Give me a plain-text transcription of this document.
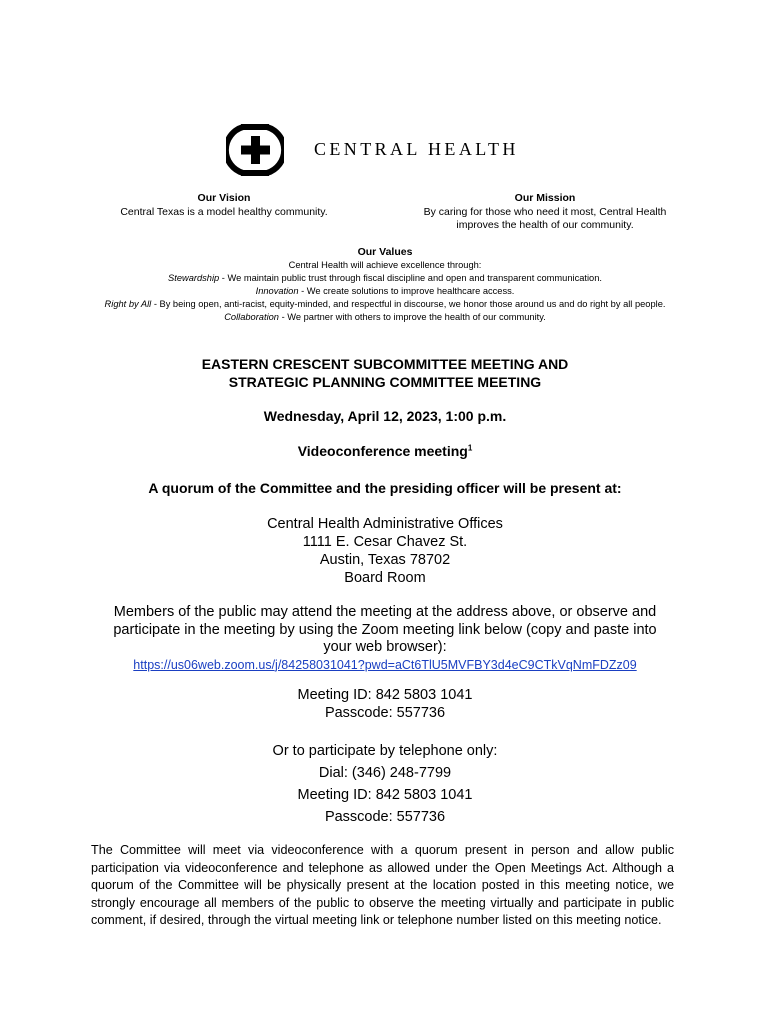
CENTRAL HEALTH
Our Vision
Central Texas is a model healthy community.
Our Mission
By caring for those who need it most, Central Health
improves the health of our community.
Our Values
Central Health will achieve excellence through:
Stewardship - We maintain public trust through fiscal discipline and open and transparent communication.
Innovation - We create solutions to improve healthcare access.
Right by All - By being open, anti-racist, equity-minded, and respectful in discourse, we honor those around us and do right by all people.
Collaboration - We partner with others to improve the health of our community.
EASTERN CRESCENT SUBCOMMITTEE MEETING AND
STRATEGIC PLANNING COMMITTEE MEETING
Wednesday, April 12, 2023, 1:00 p.m.
Videoconference meeting$^1$
A quorum of the Committee and the presiding officer will be present at:
Central Health Administrative Offices
1111 E. Cesar Chavez St.
Austin, Texas 78702
Board Room
Members of the public may attend the meeting at the address above, or observe and
participate in the meeting by using the Zoom meeting link below (copy and paste into
your web browser):
https://us06web.zoom.us/j/84258031041?pwd=aCt6TlU5MVFBY3d4eC9CTkVqNmFDZz09
Meeting ID: 842 5803 1041
Passcode: 557736
Or to participate by telephone only:
Dial: (346) 248-7799
Meeting ID: 842 5803 1041
Passcode: 557736
The Committee will meet via videoconference with a quorum present in person and allow public participation via videoconference and telephone as allowed under the Open Meetings Act. Although a quorum of the Committee will be physically present at the location posted in this meeting notice, we strongly encourage all members of the public to observe the meeting virtually and participate in public comment, if desired, through the virtual meeting link or telephone number listed on this meeting notice.
